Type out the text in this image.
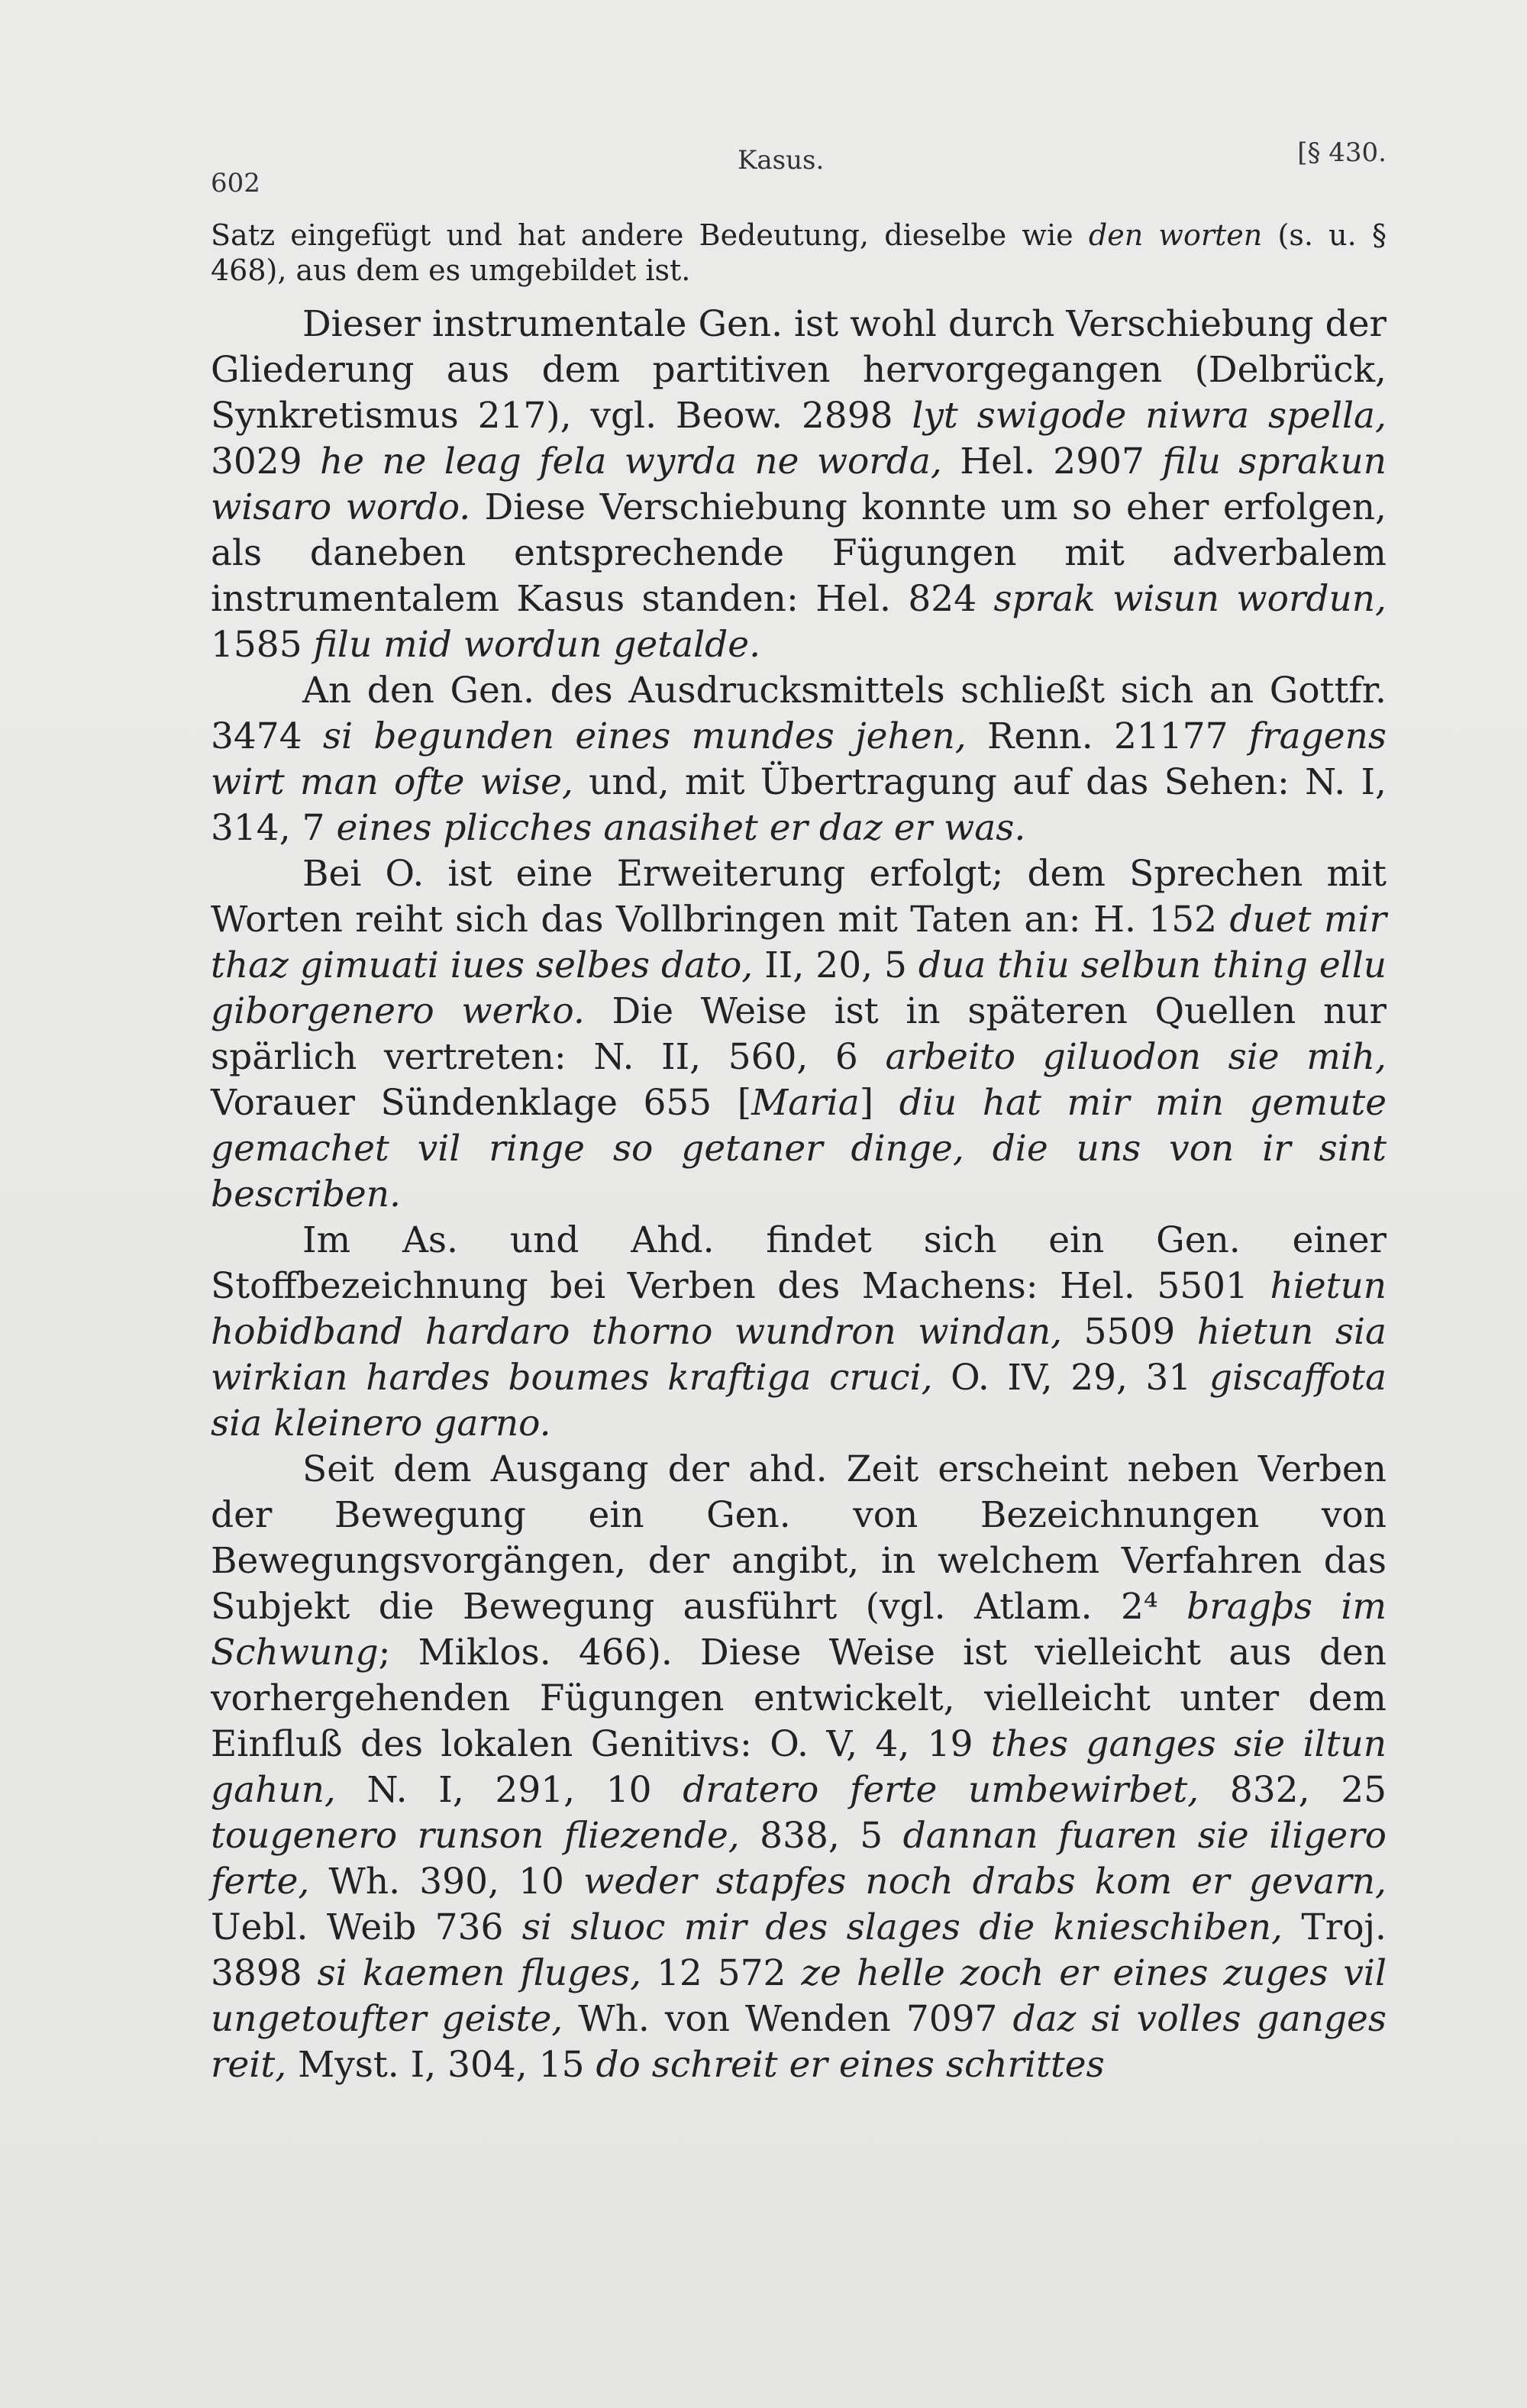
602
Kasus.	[§ 430.

Satz eingefügt und hat andere Bedeutung, dieselbe wie den worten (s. u. § 468), aus dem es umgebildet ist.

Dieser instrumentale Gen. ist wohl durch Verschiebung der Gliederung aus dem partitiven hervorgegangen (Delbrück, Synkretismus 217), vgl. Beow. 2898 lyt swigode niwra spella, 3029 he ne leag fela wyrda ne worda, Hel. 2907 filu sprakun wisaro wordo. Diese Verschiebung konnte um so eher erfolgen, als daneben entsprechende Fügungen mit adverbalem instrumentalem Kasus standen: Hel. 824 sprak wisun wordun, 1585 filu mid wordun getalde.

An den Gen. des Ausdrucksmittels schließt sich an Gottfr. 3474 si begunden eines mundes jehen, Renn. 21177 fragens wirt man ofte wise, und, mit Übertragung auf das Sehen: N. I, 314, 7 eines plicches anasihet er daz er was.

Bei O. ist eine Erweiterung erfolgt; dem Sprechen mit Worten reiht sich das Vollbringen mit Taten an: H. 152 duet mir thaz gimuati iues selbes dato, II, 20, 5 dua thiu selbun thing ellu giborgenero werko. Die Weise ist in späteren Quellen nur spärlich vertreten: N. II, 560, 6 arbeito giluodon sie mih, Vorauer Sündenklage 655 [Maria] diu hat mir min gemute gemachet vil ringe so getaner dinge, die uns von ir sint bescriben.

Im As. und Ahd. findet sich ein Gen. einer Stoffbezeichnung bei Verben des Machens: Hel. 5501 hietun hobidband hardaro thorno wundron windan, 5509 hietun sia wirkian hardes boumes kraftiga cruci, O. IV, 29, 31 giscaffota sia kleinero garno.

Seit dem Ausgang der ahd. Zeit erscheint neben Verben der Bewegung ein Gen. von Bezeichnungen von Bewegungsvorgängen, der angibt, in welchem Verfahren das Subjekt die Bewegung ausführt (vgl. Atlam. 2⁴ bragþs im Schwung; Miklos. 466). Diese Weise ist vielleicht aus den vorhergehenden Fügungen entwickelt, vielleicht unter dem Einfluß des lokalen Genitivs: O. V, 4, 19 thes ganges sie iltun gahun, N. I, 291, 10 dratero ferte umbewirbet, 832, 25 tougenero runson fliezende, 838, 5 dannan fuaren sie iligero ferte, Wh. 390, 10 weder stapfes noch drabs kom er gevarn, Uebl. Weib 736 si sluoc mir des slages die knieschiben, Troj. 3898 si kaemen fluges, 12 572 ze helle zoch er eines zuges vil ungetoufter geiste, Wh. von Wenden 7097 daz si volles ganges reit, Myst. I, 304, 15 do schreit er eines schrittes
